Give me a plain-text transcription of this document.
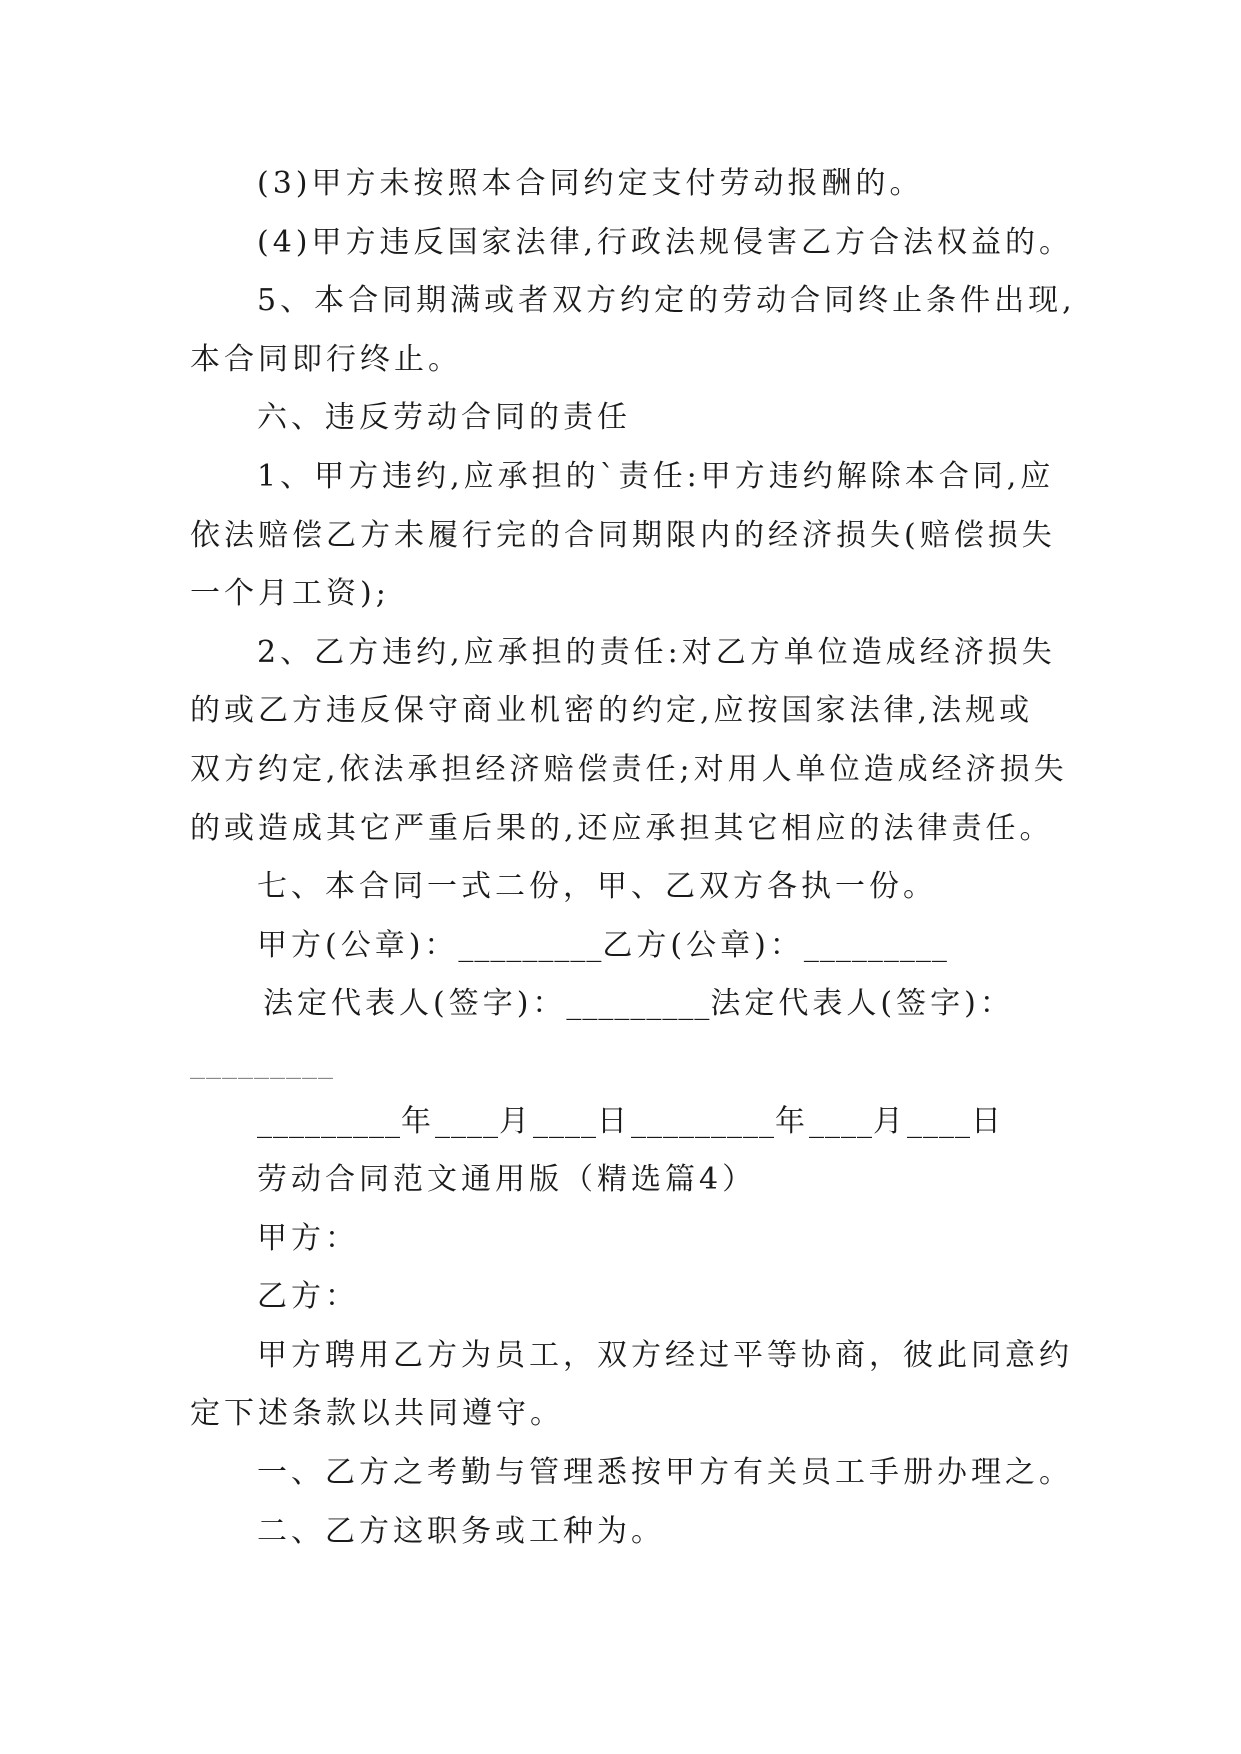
(3)甲方未按照本合同约定支付劳动报酬的。
(4)甲方违反国家法律,行政法规侵害乙方合法权益的。
5、本合同期满或者双方约定的劳动合同终止条件出现,
本合同即行终止。
六、违反劳动合同的责任
1、甲方违约,应承担的`责任:甲方违约解除本合同,应
依法赔偿乙方未履行完的合同期限内的经济损失(赔偿损失
一个月工资);
2、乙方违约,应承担的责任:对乙方单位造成经济损失
的或乙方违反保守商业机密的约定,应按国家法律,法规或
双方约定,依法承担经济赔偿责任;对用人单位造成经济损失
的或造成其它严重后果的,还应承担其它相应的法律责任。
七、本合同一式二份，甲、乙双方各执一份。
甲方(公章)：_________乙方(公章)：_________
法定代表人(签字)：_________法定代表人(签字)：
_________
_________年____月____日_________年____月____日
劳动合同范文通用版（精选篇4）
甲方：
乙方：
甲方聘用乙方为员工，双方经过平等协商，彼此同意约
定下述条款以共同遵守。
一、乙方之考勤与管理悉按甲方有关员工手册办理之。
二、乙方这职务或工种为。
